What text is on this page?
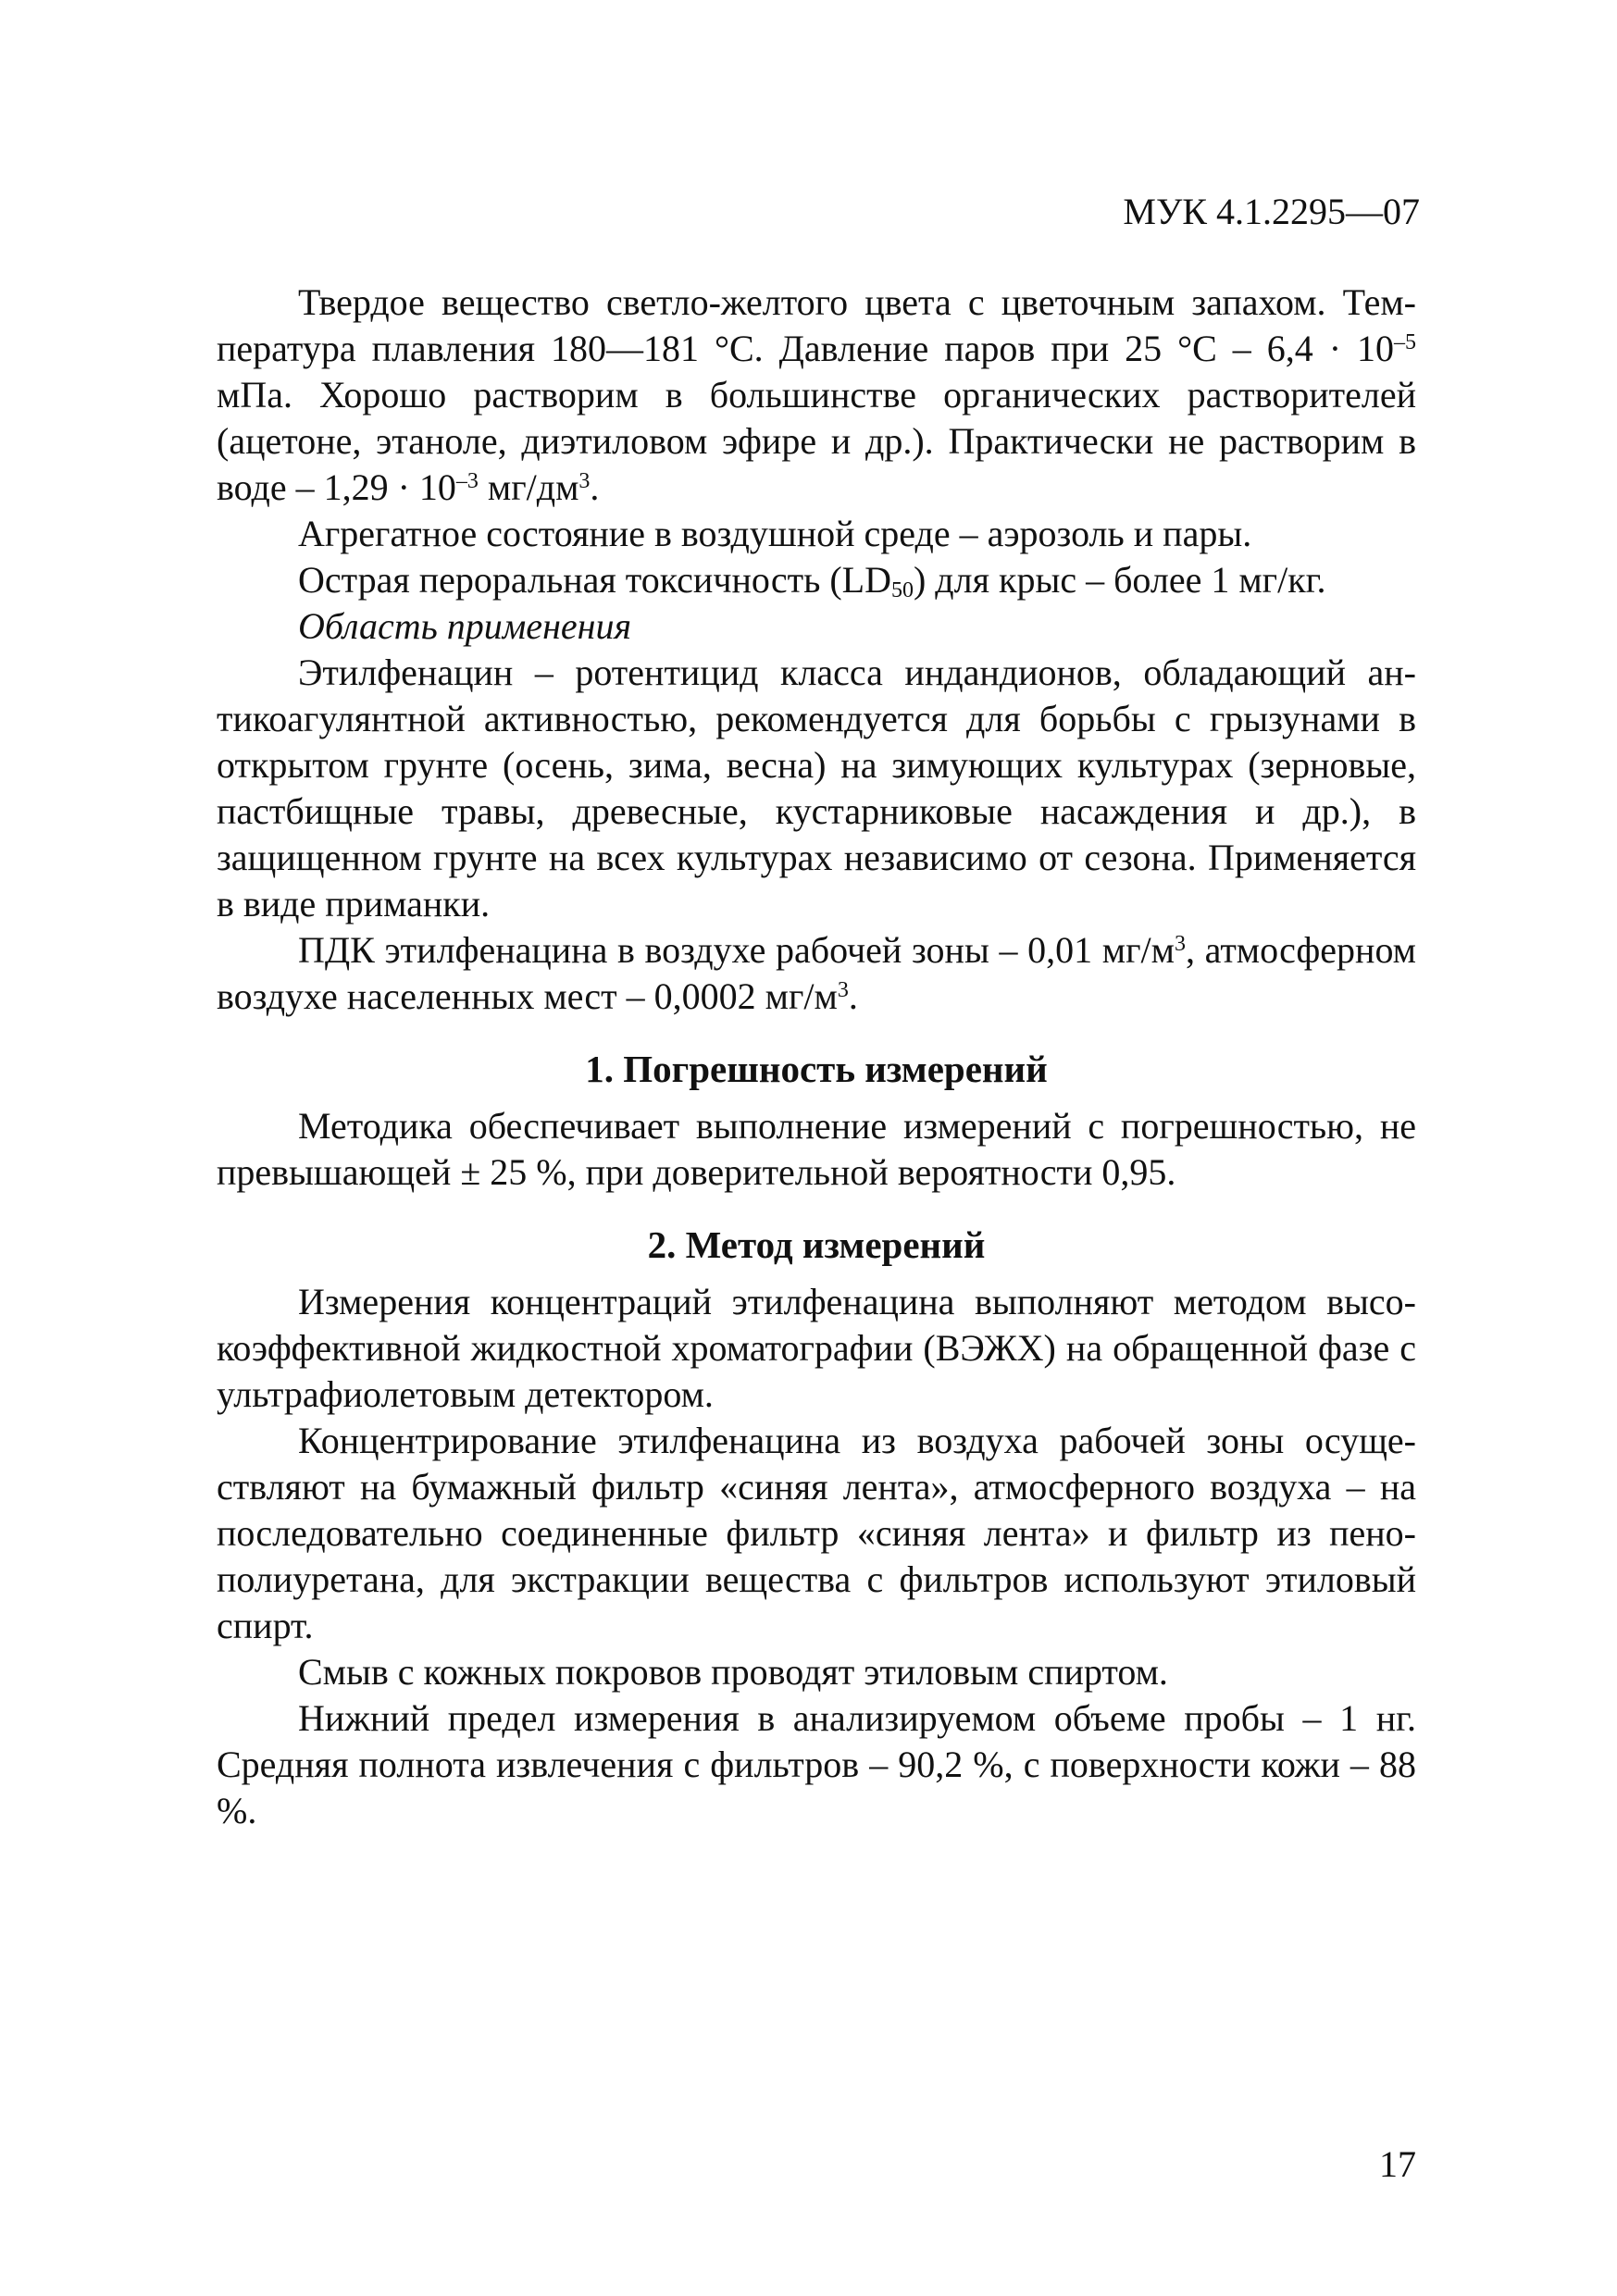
МУК 4.1.2295—07

Твердое вещество светло-желтого цвета с цветочным запахом. Температура плавления 180—181 °С. Давление паров при 25 $^\circ С - 6,4 \cdot 10^{-5}$ мПа. Хорошо растворим в большинстве органических растворителей (ацетоне, этаноле, диэтиловом эфире и др.). Практически не растворим в воде – $1,29 \cdot 10^{-3}$ $мг/дм^3$.

Агрегатное состояние в воздушной среде – аэрозоль и пары.

Острая пероральная токсичность $(LD_{50})$ для крыс – более 1 мг/кг.

Область применения

Этилфенацин – ротентицид класса индандионов, обладающий антикоагулянтной активностью, рекомендуется для борьбы с грызунами в открытом грунте (осень, зима, весна) на зимующих культурах (зерновые, пастбищные травы, древесные, кустарниковые насаждения и др.), в защищенном грунте на всех культурах независимо от сезона. Применяется в виде приманки.

ПДК этилфенацина в воздухе рабочей зоны – 0,01 $мг/м^3$, атмосферном воздухе населенных мест – 0,0002 $мг/м^3$.

1. Погрешность измерений

Методика обеспечивает выполнение измерений с погрешностью, не превышающей ± 25 %, при доверительной вероятности 0,95.

2. Метод измерений

Измерения концентраций этилфенацина выполняют методом высокоэффективной жидкостной хроматографии (ВЭЖХ) на обращенной фазе с ультрафиолетовым детектором.

Концентрирование этилфенацина из воздуха рабочей зоны осуществляют на бумажный фильтр «синяя лента», атмосферного воздуха – на последовательно соединенные фильтр «синяя лента» и фильтр из пенополиуретана, для экстракции вещества с фильтров используют этиловый спирт.

Смыв с кожных покровов проводят этиловым спиртом.

Нижний предел измерения в анализируемом объеме пробы – 1 нг. Средняя полнота извлечения с фильтров – 90,2 %, с поверхности кожи – 88 %.

17
